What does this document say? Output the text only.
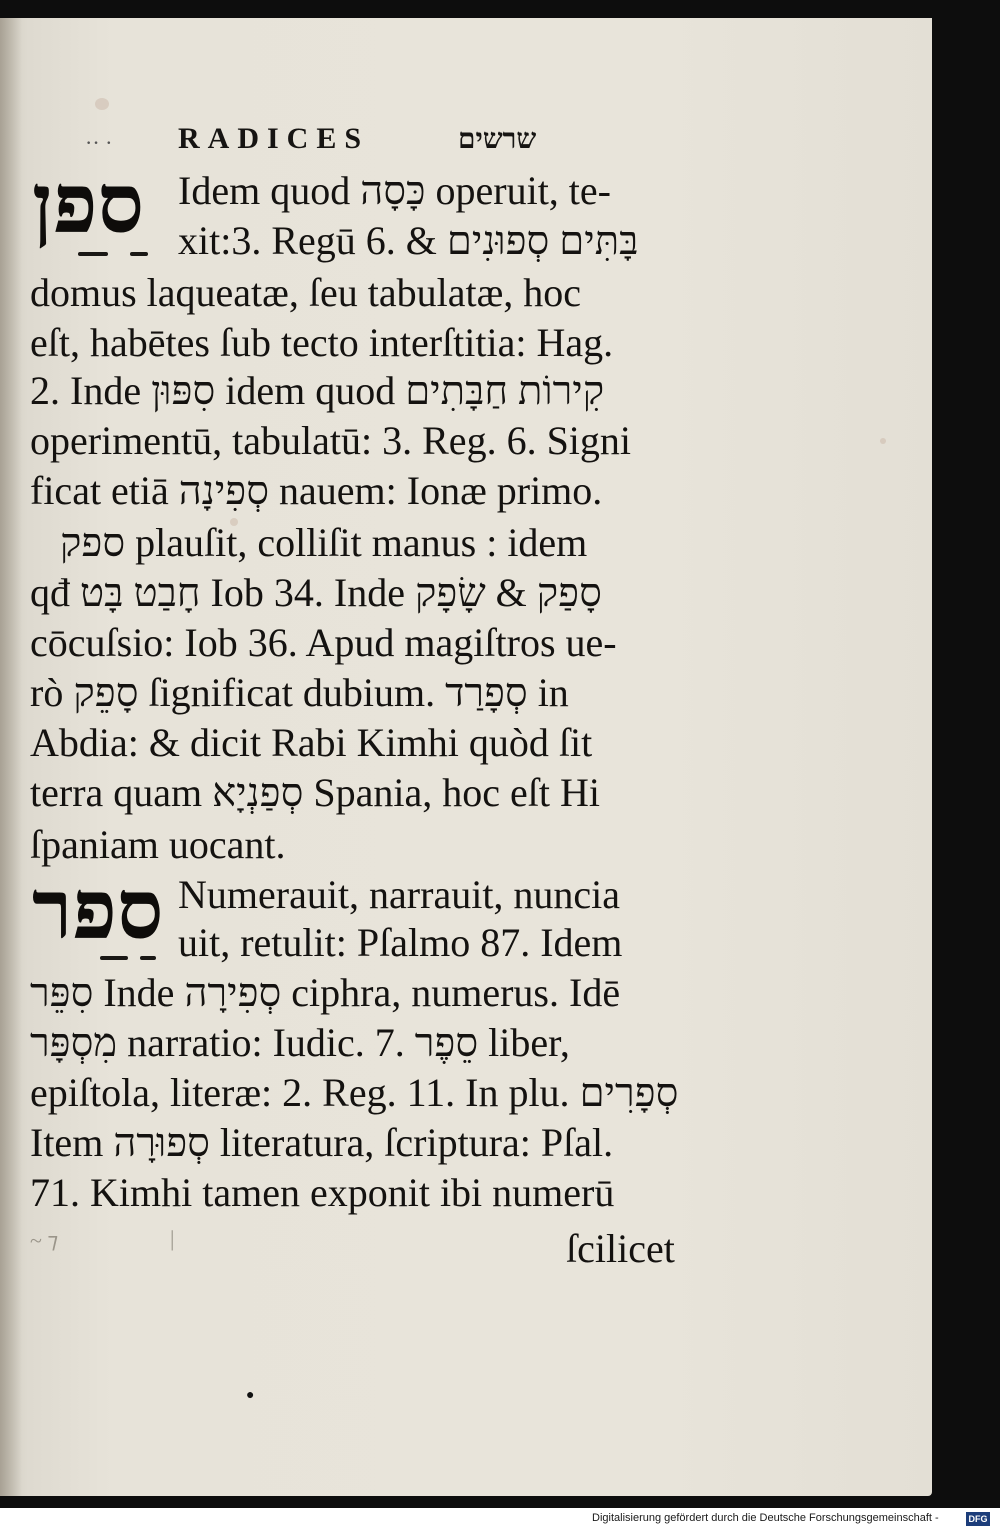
·· · RADICES	שרשים
ספן Idem quod כָּסָה operuit, te-
xit:3. Regū 6. & בָּתִּים סְפוּנִים
domus laqueatæ, ſeu tabulatæ, hoc
eſt, habētes ſub tecto interſtitia: Hag.
2. Inde סִפּוּן idem quod קִירוֹת חַבָּתִים
operimentū, tabulatū: 3. Reg. 6. Signi
ficat etiā סְפִינָה nauem: Ionæ primo.
ספק plauſit, colliſit manus : idem
qđ חָבַט בָּט Iob 34. Inde סָפַק & שָׂפָק
cōcuſsio: Iob 36. Apud magiſtros ue-
rò סָפֵק ſignificat dubium. סְפָרַד in
Abdia: & dicit Rabi Kimhi quòd ſit
terra quam סְפַנְיָא Spania, hoc eſt Hi
ſpaniam uocant.
ספר Numerauit, narrauit, nuncia
uit, retulit: Pſalmo 87. Idem
סִפֵּר Inde סְפִירָה ciphra, numerus. Idē
מִסְפָּר narratio: Iudic. 7. סֵפֶר liber,
epiſtola, literæ: 2. Reg. 11. In plu. סְפָרִים
Item סְפוּרָה literatura, ſcriptura: Pſal.
71. Kimhi tamen exponit ibi numerū
ſcilicet
~ ⁊	|
●
Digitalisierung gefördert durch die Deutsche Forschungsgemeinschaft -	DFG
